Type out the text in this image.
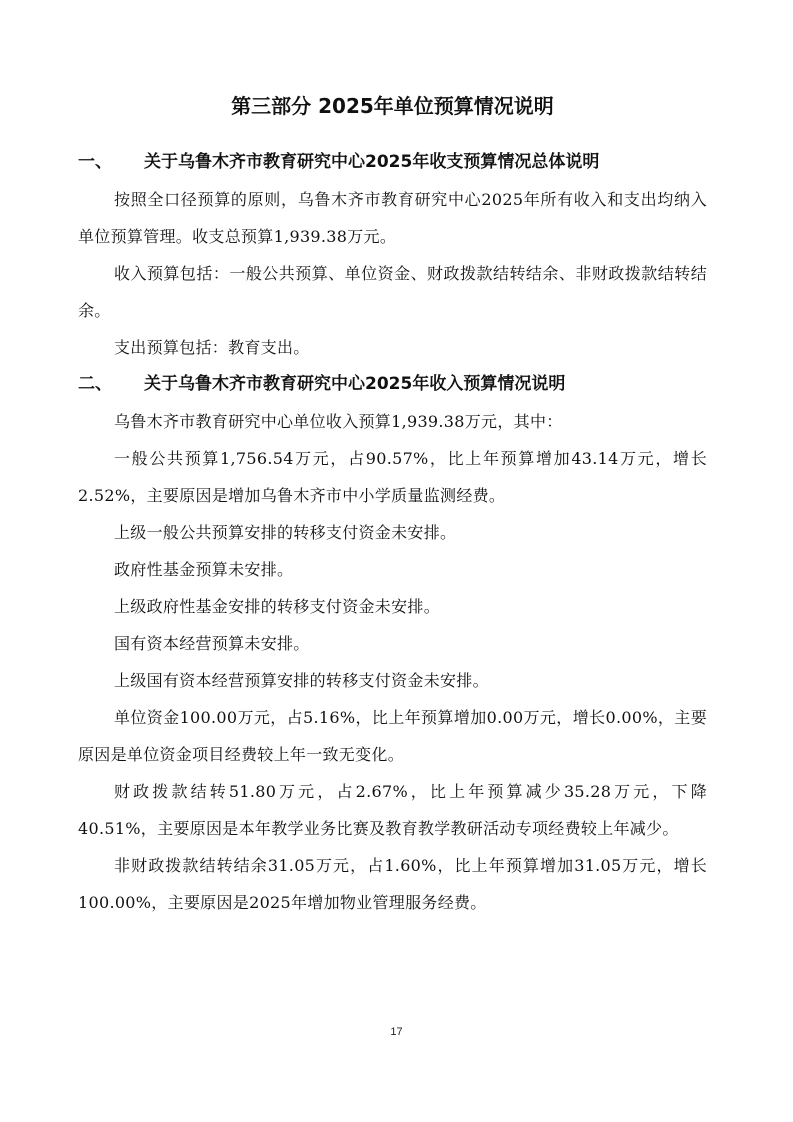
第三部分 2025年单位预算情况说明
一、 关于乌鲁木齐市教育研究中心2025年收支预算情况总体说明

按照全口径预算的原则，乌鲁木齐市教育研究中心2025年所有收入和支出均纳入单位预算管理。收支总预算1,939.38万元。

收入预算包括：一般公共预算、单位资金、财政拨款结转结余、非财政拨款结转结余。

支出预算包括：教育支出。

二、 关于乌鲁木齐市教育研究中心2025年收入预算情况说明

乌鲁木齐市教育研究中心单位收入预算1,939.38万元，其中：

一般公共预算1,756.54万元，占90.57%，比上年预算增加43.14万元，增长2.52%，主要原因是增加乌鲁木齐市中小学质量监测经费。

上级一般公共预算安排的转移支付资金未安排。

政府性基金预算未安排。

上级政府性基金安排的转移支付资金未安排。

国有资本经营预算未安排。

上级国有资本经营预算安排的转移支付资金未安排。

单位资金100.00万元，占5.16%，比上年预算增加0.00万元，增长0.00%，主要原因是单位资金项目经费较上年一致无变化。

财政拨款结转51.80万元，占2.67%，比上年预算减少35.28万元，下降40.51%，主要原因是本年教学业务比赛及教育教学教研活动专项经费较上年减少。

非财政拨款结转结余31.05万元，占1.60%，比上年预算增加31.05万元，增长100.00%，主要原因是2025年增加物业管理服务经费。

17
